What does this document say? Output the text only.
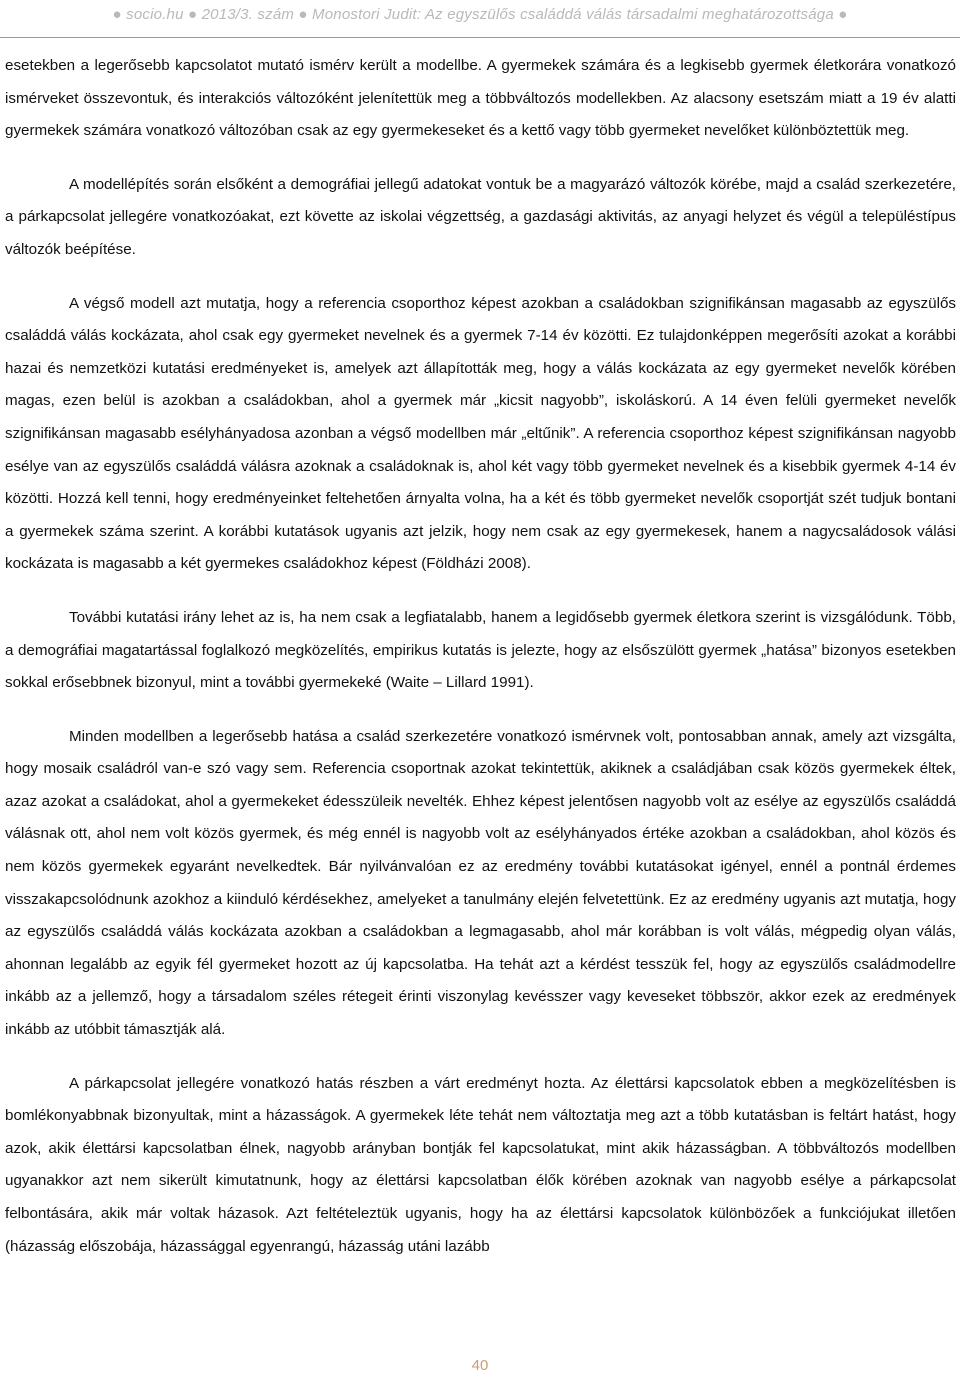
● socio.hu ● 2013/3. szám ● Monostori Judit: Az egyszülős családdá válás társadalmi meghatározottsága ●

esetekben a legerősebb kapcsolatot mutató ismérv került a modellbe. A gyermekek számára és a legkisebb gyermek életkorára vonatkozó ismérveket összevontuk, és interakciós változóként jelenítettük meg a többváltozós modellekben. Az alacsony esetszám miatt a 19 év alatti gyermekek számára vonatkozó változóban csak az egy gyermekeseket és a kettő vagy több gyermeket nevelőket különböztettük meg.

A modellépítés során elsőként a demográfiai jellegű adatokat vontuk be a magyarázó változók körébe, majd a család szerkezetére, a párkapcsolat jellegére vonatkozóakat, ezt követte az iskolai végzettség, a gazdasági aktivitás, az anyagi helyzet és végül a településtípus változók beépítése.

A végső modell azt mutatja, hogy a referencia csoporthoz képest azokban a családokban szignifikánsan magasabb az egyszülős családdá válás kockázata, ahol csak egy gyermeket nevelnek és a gyermek 7-14 év közötti. Ez tulajdonképpen megerősíti azokat a korábbi hazai és nemzetközi kutatási eredményeket is, amelyek azt állapították meg, hogy a válás kockázata az egy gyermeket nevelők körében magas, ezen belül is azokban a családokban, ahol a gyermek már „kicsit nagyobb”, iskoláskorú. A 14 éven felüli gyermeket nevelők szignifikánsan magasabb esélyhányadosa azonban a végső modellben már „eltűnik”. A referencia csoporthoz képest szignifikánsan nagyobb esélye van az egyszülős családdá válásra azoknak a családoknak is, ahol két vagy több gyermeket nevelnek és a kisebbik gyermek 4-14 év közötti. Hozzá kell tenni, hogy eredményeinket feltehetően árnyalta volna, ha a két és több gyermeket nevelők csoportját szét tudjuk bontani a gyermekek száma szerint. A korábbi kutatások ugyanis azt jelzik, hogy nem csak az egy gyermekesek, hanem a nagycsaládosok válási kockázata is magasabb a két gyermekes családokhoz képest (Földházi 2008).

További kutatási irány lehet az is, ha nem csak a legfiatalabb, hanem a legidősebb gyermek életkora szerint is vizsgálódunk. Több, a demográfiai magatartással foglalkozó megközelítés, empirikus kutatás is jelezte, hogy az elsőszülött gyermek „hatása” bizonyos esetekben sokkal erősebbnek bizonyul, mint a további gyermekeké (Waite – Lillard 1991).

Minden modellben a legerősebb hatása a család szerkezetére vonatkozó ismérvnek volt, pontosabban annak, amely azt vizsgálta, hogy mosaik családról van-e szó vagy sem. Referencia csoportnak azokat tekintettük, akiknek a családjában csak közös gyermekek éltek, azaz azokat a családokat, ahol a gyermekeket édesszüleik nevelték. Ehhez képest jelentősen nagyobb volt az esélye az egyszülős családdá válásnak ott, ahol nem volt közös gyermek, és még ennél is nagyobb volt az esélyhányados értéke azokban a családokban, ahol közös és nem közös gyermekek egyaránt nevelkedtek. Bár nyilvánvalóan ez az eredmény további kutatásokat igényel, ennél a pontnál érdemes visszakapcsolódnunk azokhoz a kiinduló kérdésekhez, amelyeket a tanulmány elején felvetettünk. Ez az eredmény ugyanis azt mutatja, hogy az egyszülős családdá válás kockázata azokban a családokban a legmagasabb, ahol már korábban is volt válás, mégpedig olyan válás, ahonnan legalább az egyik fél gyermeket hozott az új kapcsolatba. Ha tehát azt a kérdést tesszük fel, hogy az egyszülős családmodellre inkább az a jellemző, hogy a társadalom széles rétegeit érinti viszonylag kevésszer vagy keveseket többször, akkor ezek az eredmények inkább az utóbbit támasztják alá.

A párkapcsolat jellegére vonatkozó hatás részben a várt eredményt hozta. Az élettársi kapcsolatok ebben a megközelítésben is bomlékonyabbnak bizonyultak, mint a házasságok. A gyermekek léte tehát nem változtatja meg azt a több kutatásban is feltárt hatást, hogy azok, akik élettársi kapcsolatban élnek, nagyobb arányban bontják fel kapcsolatukat, mint akik házasságban. A többváltozós modellben ugyanakkor azt nem sikerült kimutatnunk, hogy az élettársi kapcsolatban élők körében azoknak van nagyobb esélye a párkapcsolat felbontására, akik már voltak házasok. Azt feltételeztük ugyanis, hogy ha az élettársi kapcsolatok különbözőek a funkciójukat illetően (házasság előszobája, házassággal egyenrangú, házasság utáni lazább

40
